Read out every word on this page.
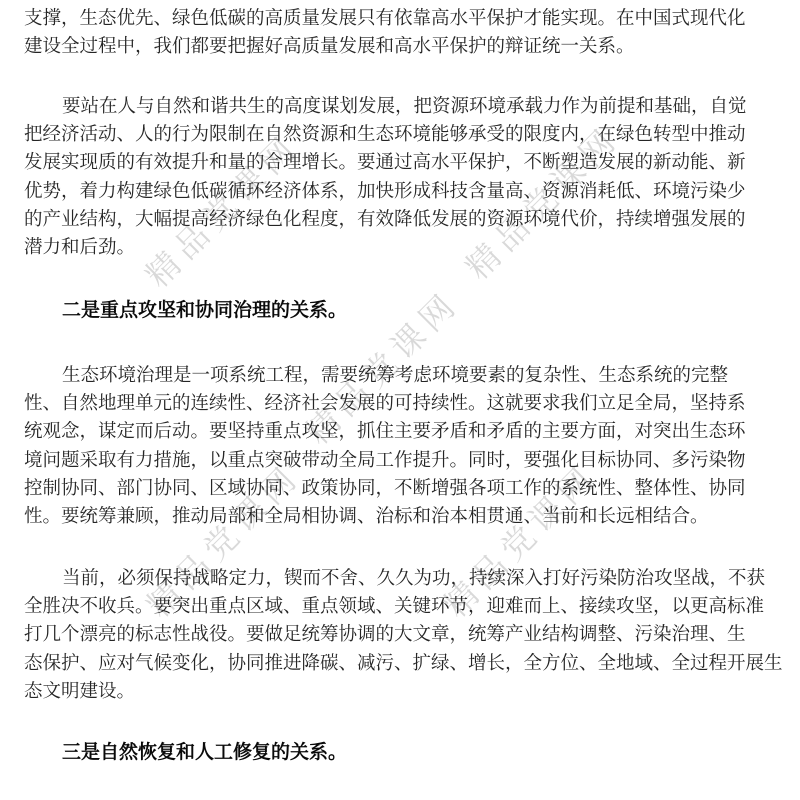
精品党课网	精品党课网
精品党课网
精品党课网	精品党课网
支撑，生态优先、绿色低碳的高质量发展只有依靠高水平保护才能实现。在中国式现代化
建设全过程中，我们都要把握好高质量发展和高水平保护的辩证统一关系。
要站在人与自然和谐共生的高度谋划发展，把资源环境承载力作为前提和基础，自觉
把经济活动、人的行为限制在自然资源和生态环境能够承受的限度内，在绿色转型中推动
发展实现质的有效提升和量的合理增长。要通过高水平保护，不断塑造发展的新动能、新
优势，着力构建绿色低碳循环经济体系，加快形成科技含量高、资源消耗低、环境污染少
的产业结构，大幅提高经济绿色化程度，有效降低发展的资源环境代价，持续增强发展的
潜力和后劲。
二是重点攻坚和协同治理的关系。
生态环境治理是一项系统工程，需要统筹考虑环境要素的复杂性、生态系统的完整
性、自然地理单元的连续性、经济社会发展的可持续性。这就要求我们立足全局，坚持系
统观念，谋定而后动。要坚持重点攻坚，抓住主要矛盾和矛盾的主要方面，对突出生态环
境问题采取有力措施，以重点突破带动全局工作提升。同时，要强化目标协同、多污染物
控制协同、部门协同、区域协同、政策协同，不断增强各项工作的系统性、整体性、协同
性。要统筹兼顾，推动局部和全局相协调、治标和治本相贯通、当前和长远相结合。
当前，必须保持战略定力，锲而不舍、久久为功，持续深入打好污染防治攻坚战，不获
全胜决不收兵。要突出重点区域、重点领域、关键环节，迎难而上、接续攻坚，以更高标准
打几个漂亮的标志性战役。要做足统筹协调的大文章，统筹产业结构调整、污染治理、生
态保护、应对气候变化，协同推进降碳、减污、扩绿、增长，全方位、全地域、全过程开展生
态文明建设。
三是自然恢复和人工修复的关系。
